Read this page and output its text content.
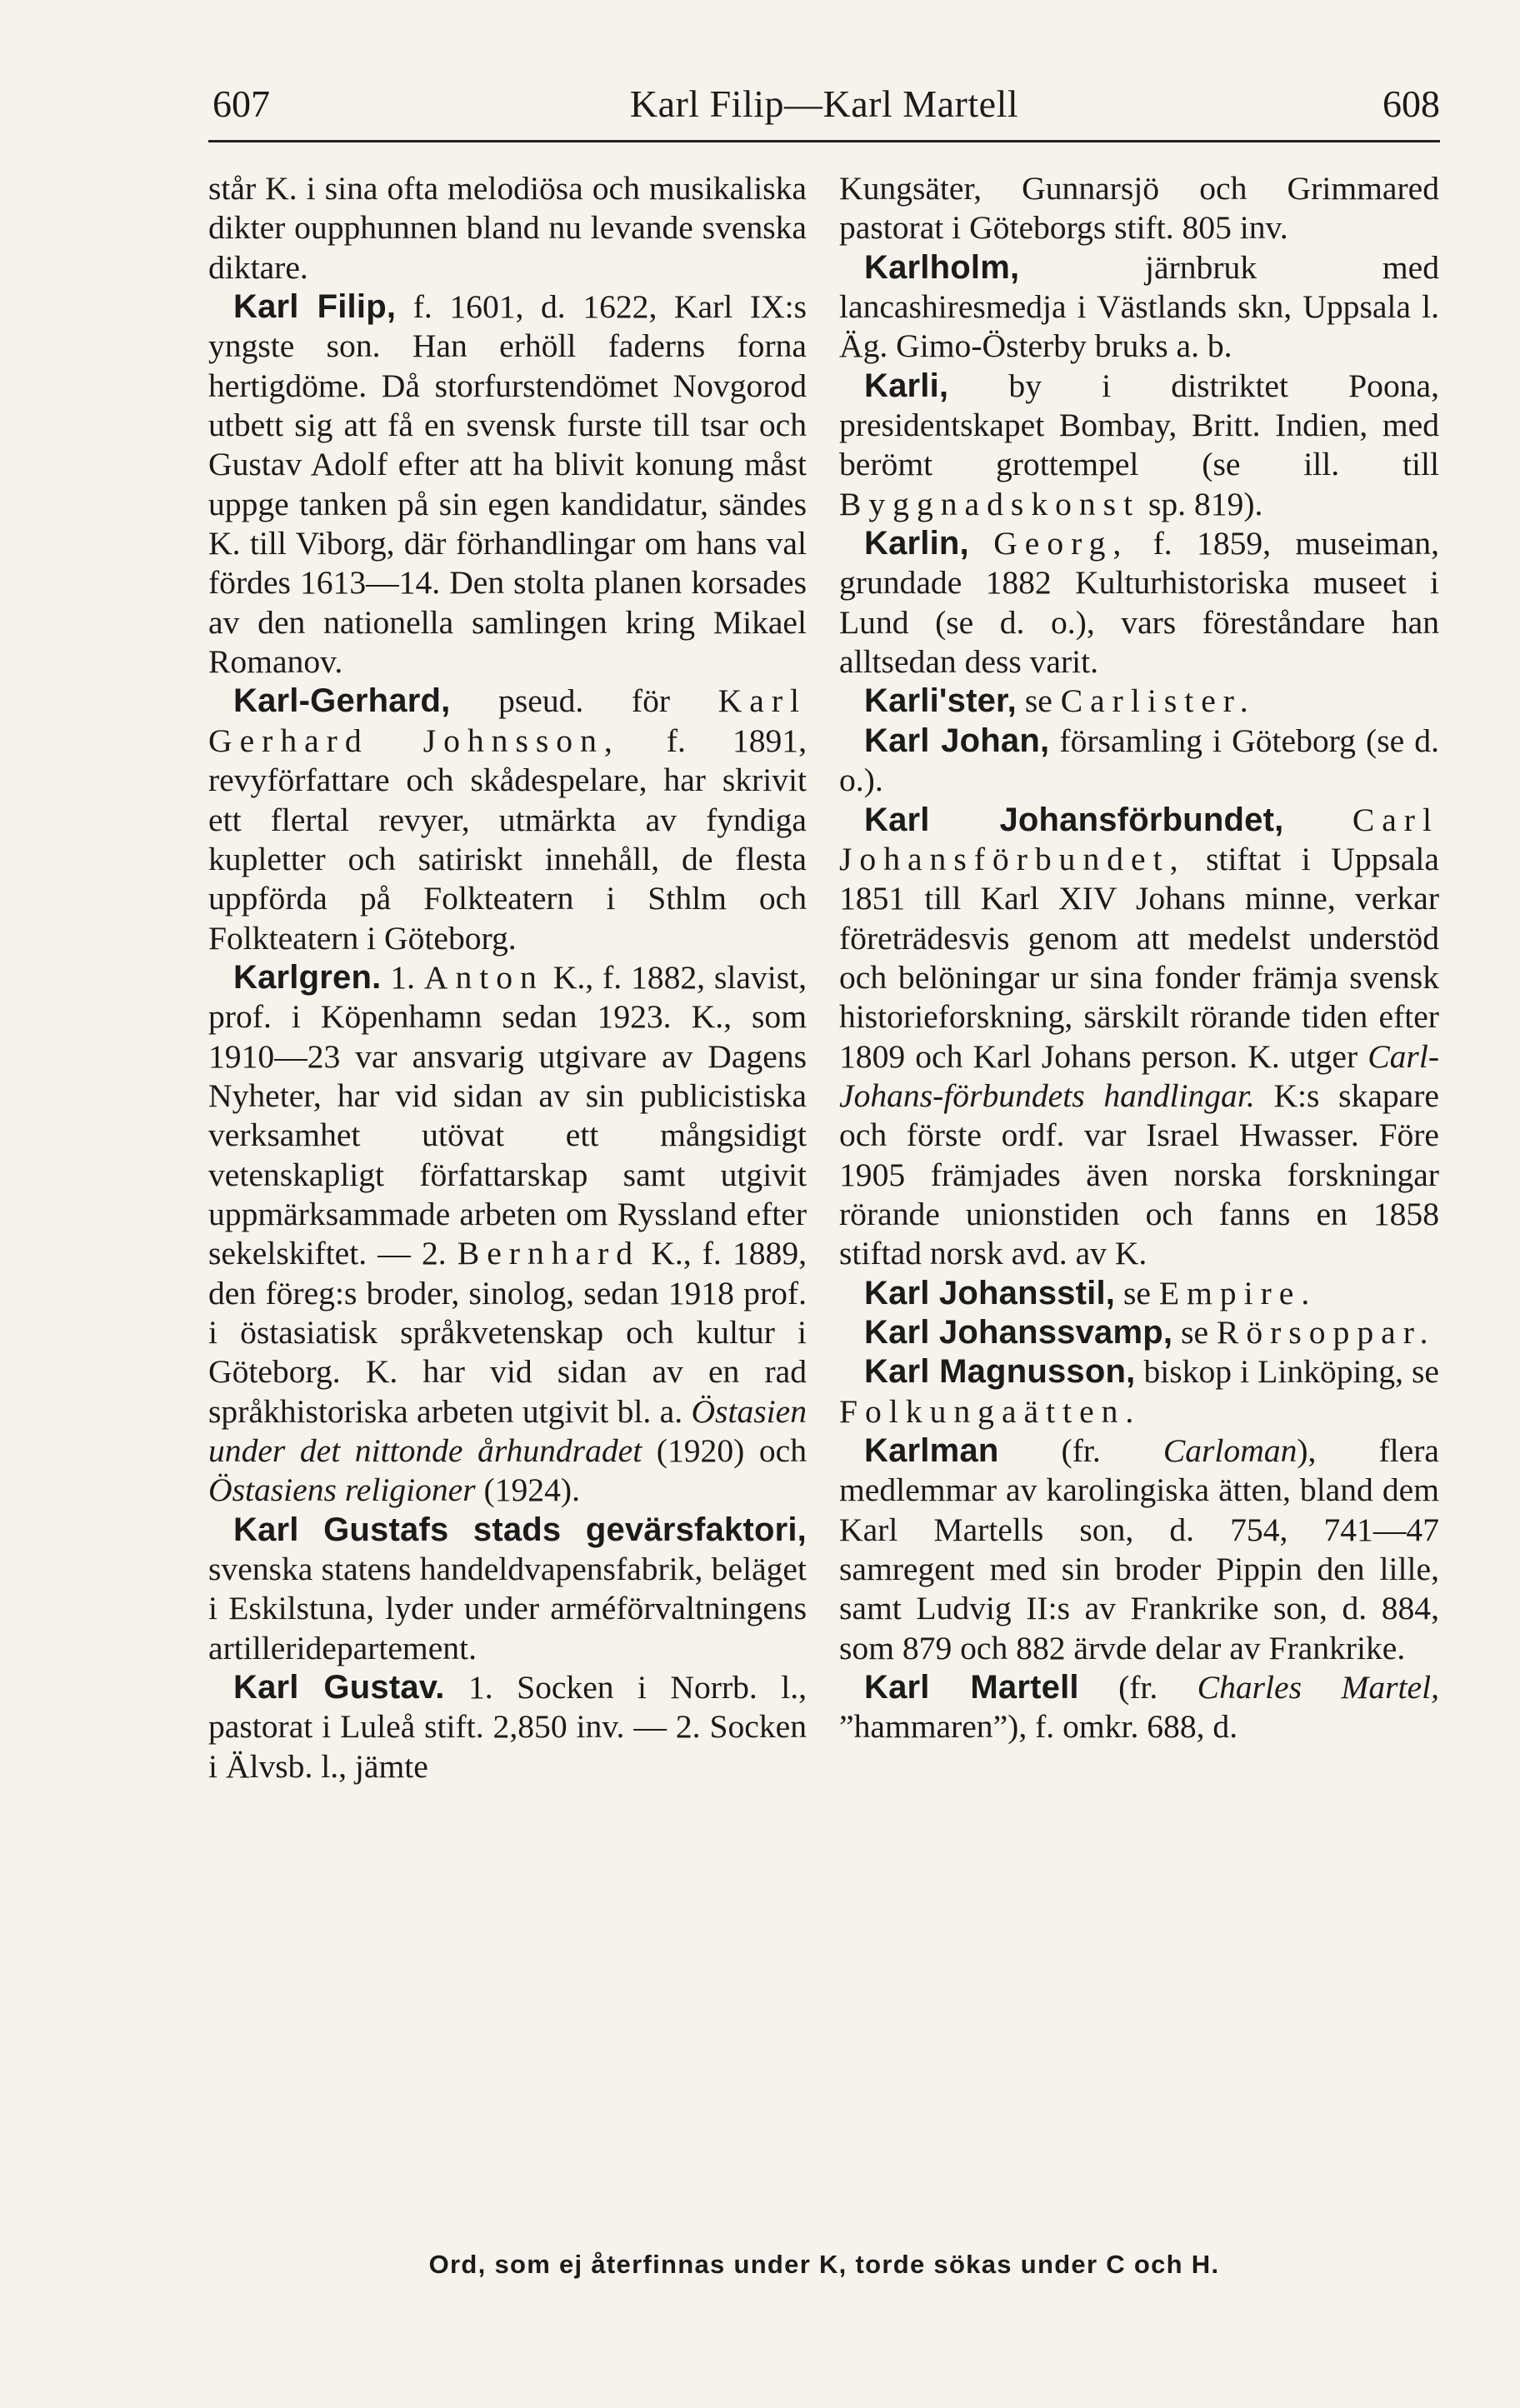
607	Karl Filip—Karl Martell	608

står K. i sina ofta melodiösa och musikaliska dikter oupphunnen bland nu levande svenska diktare.

Karl Filip, f. 1601, d. 1622, Karl IX:s yngste son. Han erhöll faderns forna hertigdöme. Då storfurstendömet Novgorod utbett sig att få en svensk furste till tsar och Gustav Adolf efter att ha blivit konung måst uppge tanken på sin egen kandidatur, sändes K. till Viborg, där förhandlingar om hans val fördes 1613—14. Den stolta planen korsades av den nationella samlingen kring Mikael Romanov.

Karl-Gerhard, pseud. för Karl Gerhard Johnsson, f. 1891, revyförfattare och skådespelare, har skrivit ett flertal revyer, utmärkta av fyndiga kupletter och satiriskt innehåll, de flesta uppförda på Folkteatern i Sthlm och Folkteatern i Göteborg.

Karlgren. 1. Anton K., f. 1882, slavist, prof. i Köpenhamn sedan 1923. K., som 1910—23 var ansvarig utgivare av Dagens Nyheter, har vid sidan av sin publicistiska verksamhet utövat ett mångsidigt vetenskapligt författarskap samt utgivit uppmärksammade arbeten om Ryssland efter sekelskiftet. — 2. Bernhard K., f. 1889, den föreg:s broder, sinolog, sedan 1918 prof. i östasiatisk språkvetenskap och kultur i Göteborg. K. har vid sidan av en rad språkhistoriska arbeten utgivit bl. a. Östasien under det nittonde århundradet (1920) och Östasiens religioner (1924).

Karl Gustafs stads gevärsfaktori, svenska statens handeldvapensfabrik, beläget i Eskilstuna, lyder under arméförvaltningens artilleridepartement.

Karl Gustav. 1. Socken i Norrb. l., pastorat i Luleå stift. 2,850 inv. — 2. Socken i Älvsb. l., jämte

Kungsäter, Gunnarsjö och Grimmared pastorat i Göteborgs stift. 805 inv.

Karlholm, järnbruk med lancashiresmedja i Västlands skn, Uppsala l. Äg. Gimo-Österby bruks a. b.

Karli, by i distriktet Poona, presidentskapet Bombay, Britt. Indien, med berömt grottempel (se ill. till Byggnadskonst sp. 819).

Karlin, Georg, f. 1859, museiman, grundade 1882 Kulturhistoriska museet i Lund (se d. o.), vars föreståndare han alltsedan dess varit.

Karli'ster, se Carlister.

Karl Johan, församling i Göteborg (se d. o.).

Karl Johansförbundet, Carl Johansförbundet, stiftat i Uppsala 1851 till Karl XIV Johans minne, verkar företrädesvis genom att medelst understöd och belöningar ur sina fonder främja svensk historieforskning, särskilt rörande tiden efter 1809 och Karl Johans person. K. utger Carl-Johans-förbundets handlingar. K:s skapare och förste ordf. var Israel Hwasser. Före 1905 främjades även norska forskningar rörande unionstiden och fanns en 1858 stiftad norsk avd. av K.

Karl Johansstil, se Empire.

Karl Johanssvamp, se Rörsoppar.

Karl Magnusson, biskop i Linköping, se Folkungaätten.

Karlman (fr. Carloman), flera medlemmar av karolingiska ätten, bland dem Karl Martells son, d. 754, 741—47 samregent med sin broder Pippin den lille, samt Ludvig II:s av Frankrike son, d. 884, som 879 och 882 ärvde delar av Frankrike.

Karl Martell (fr. Charles Martel, ”hammaren”), f. omkr. 688, d.

Ord, som ej återfinnas under K, torde sökas under C och H.
